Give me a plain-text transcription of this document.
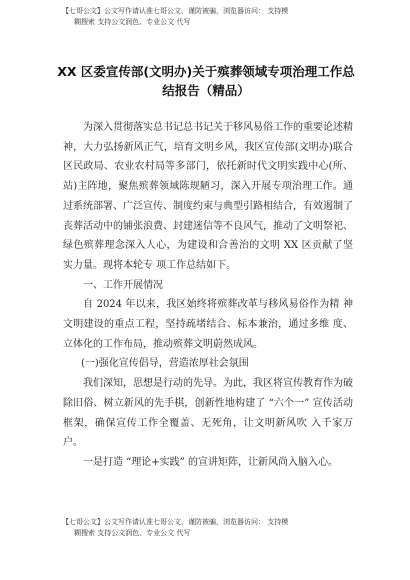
【七哥公文】公文写作请认准七哥公文，谨防被骗，浏览器访问： 支持模
糊搜索 支持公文润色、专业公文 代写
XX 区委宣传部(文明办)关于殡葬领域专项治理工作总结报告（精品）

为深入贯彻落实总书记总书记关于移风易俗工作的重要论述精神，大力弘扬新风正气，培育文明乡风，我区宣传部(文明办)联合区民政局、农业农村局等多部门，依托新时代文明实践中心(所、站)主阵地，聚焦殡葬领域陈规陋习，深入开展专项治理工作。通过系统部署、广泛宣传、制度约束与典型引路相结合，有效遏制了丧葬活动中的铺张浪费、封建迷信等不良风气，推动了文明祭祀、绿色殡葬理念深入人心，为建设和合善治的文明 XX 区贡献了坚实力量。现将本轮专 项工作总结如下。

一、工作开展情况

自 2024 年以来，我区始终将殡葬改革与移风易俗作为精 神文明建设的重点工程，坚持疏堵结合、标本兼治，通过多维 度、立体化的工作布局，推动殡葬文明蔚然成风。

(一)强化宣传倡导，营造浓厚社会氛围

我们深知，思想是行动的先导。为此，我区将宣传教育作为破除旧俗、树立新风的先手棋，创新性地构建了 “六个一” 宣传活动框架，确保宣传工作全覆盖、无死角，让文明新风吹 入千家万户。

一是打造 “理论+实践” 的宣讲矩阵，让新风尚入脑入心。

【七哥公文】公文写作请认准七哥公文，谨防被骗，浏览器访问： 支持模
糊搜索 支持公文润色、专业公文 代写
